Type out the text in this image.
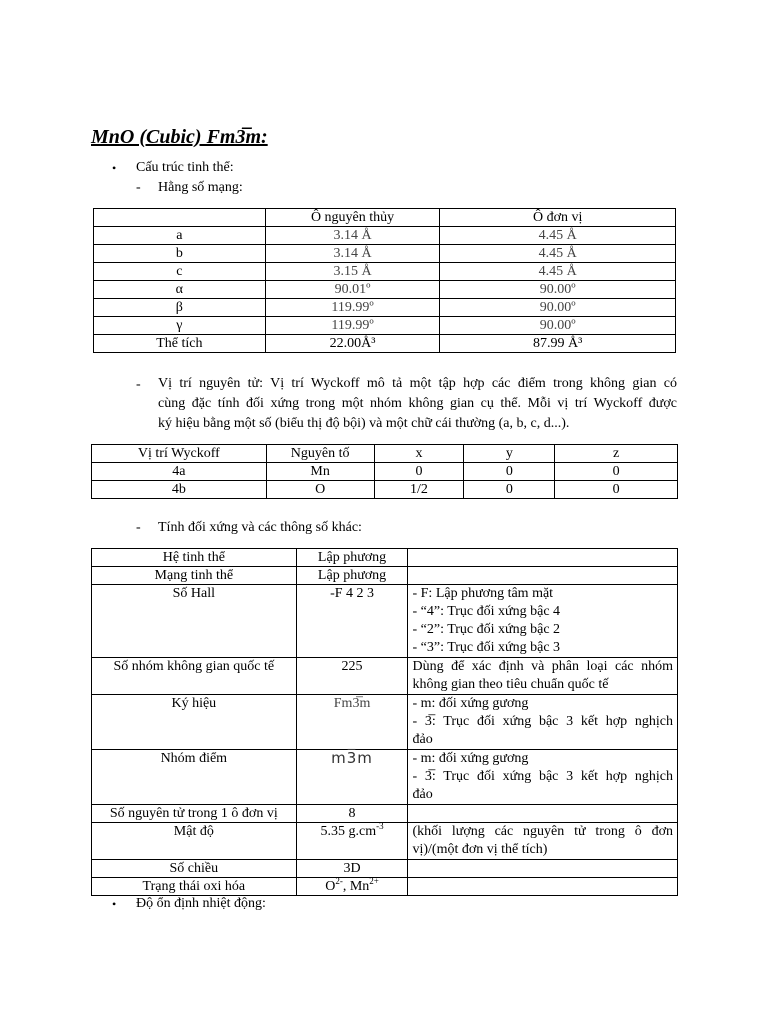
MnO (Cubic) Fm3̅m:
• Cấu trúc tinh thể:
- Hằng số mạng:
	Ô nguyên thủy	Ô đơn vị
a	3.14 Å	4.45 Å
b	3.14 Å	4.45 Å
c	3.15 Å	4.45 Å
α	90.01º	90.00º
β	119.99º	90.00º
γ	119.99º	90.00º
Thể tích	22.00Å³	87.99 Å³
- Vị trí nguyên tử: Vị trí Wyckoff mô tả một tập hợp các điểm trong không gian có
cùng đặc tính đối xứng trong một nhóm không gian cụ thể. Mỗi vị trí Wyckoff được
ký hiệu bằng một số (biểu thị độ bội) và một chữ cái thường (a, b, c, d...).
Vị trí Wyckoff	Nguyên tố	x	y	z
4a	Mn	0	0	0
4b	O	1/2	0	0
- Tính đối xứng và các thông số khác:
Hệ tinh thể	Lập phương	
Mạng tinh thể	Lập phương	
Số Hall	-F 4 2 3	- F: Lập phương tâm mặt
- “4”: Trục đối xứng bậc 4
- “2”: Trục đối xứng bậc 2
- “3”: Trục đối xứng bậc 3

Số nhóm không gian quốc tế	225	Dùng để xác định và phân loại các nhóm
không gian theo tiêu chuẩn quốc tế

Ký hiệu	Fm3̅m	- m: đối xứng gương
- 3̅: Trục đối xứng bậc 3 kết hợp nghịch
đảo

Nhóm điểm	m3̅m	- m: đối xứng gương
- 3̅: Trục đối xứng bậc 3 kết hợp nghịch
đảo

Số nguyên tử trong 1 ô đơn vị	8	
Mật độ	5.35 $g.cm^{-3}$	(khối lượng các nguyên tử trong ô đơn
vị)/(một đơn vị thể tích)

Số chiều	3D	
Trạng thái oxi hóa	$O^{2-}$, $Mn^{2+}$	
• Độ ổn định nhiệt động:
